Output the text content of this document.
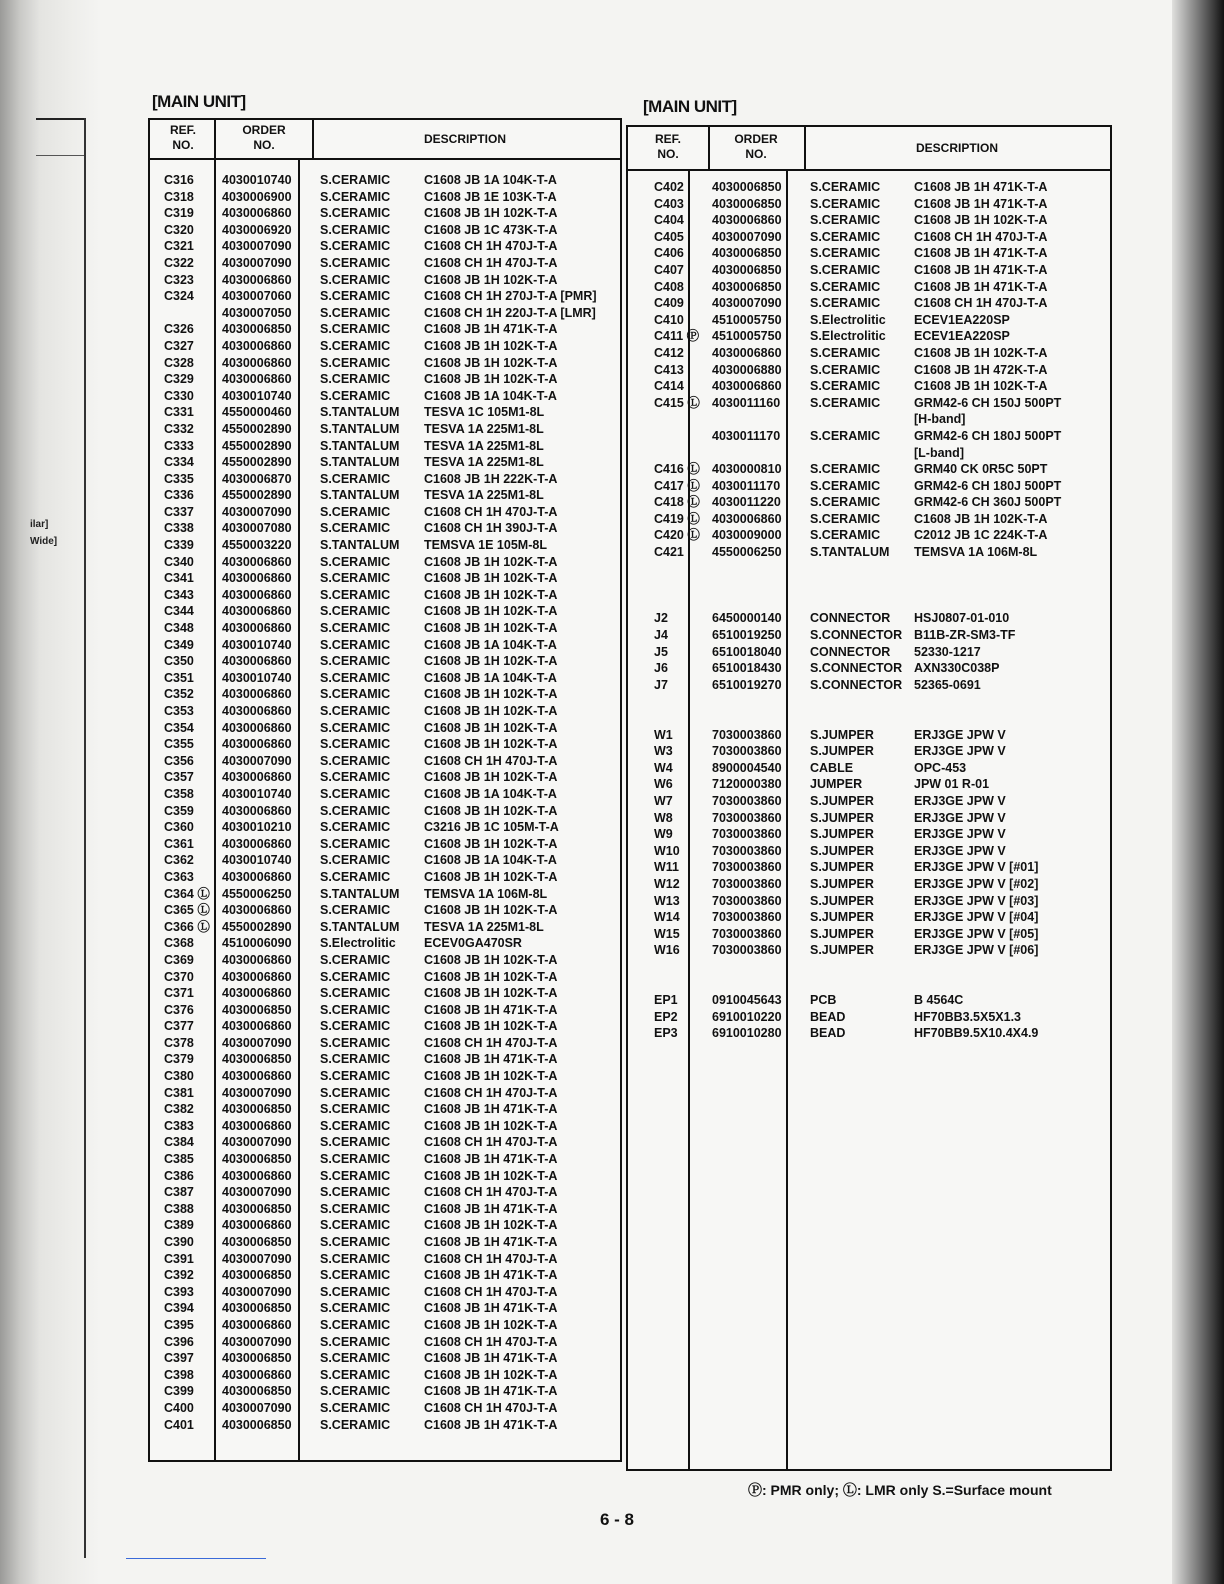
ilar]
Wide]
[MAIN UNIT]	[MAIN UNIT]
REF.
NO.
ORDER
NO.	DESCRIPTION
C316 4030010740 S.CERAMIC	C1608 JB 1A 104K-T-A
C318 4030006900 S.CERAMIC	C1608 JB 1E 103K-T-A
C319 4030006860 S.CERAMIC	C1608 JB 1H 102K-T-A
C320 4030006920 S.CERAMIC	C1608 JB 1C 473K-T-A
C321 4030007090 S.CERAMIC	C1608 CH 1H 470J-T-A
C322 4030007090 S.CERAMIC	C1608 CH 1H 470J-T-A
C323 4030006860 S.CERAMIC	C1608 JB 1H 102K-T-A
C324 4030007060 S.CERAMIC	C1608 CH 1H 270J-T-A [PMR]
4030007050 S.CERAMIC	C1608 CH 1H 220J-T-A [LMR]
C326 4030006850 S.CERAMIC	C1608 JB 1H 471K-T-A
C327 4030006860 S.CERAMIC	C1608 JB 1H 102K-T-A
C328 4030006860 S.CERAMIC	C1608 JB 1H 102K-T-A
C329 4030006860 S.CERAMIC	C1608 JB 1H 102K-T-A
C330 4030010740 S.CERAMIC	C1608 JB 1A 104K-T-A
C331 4550000460 S.TANTALUM TESVA 1C 105M1-8L
C332 4550002890 S.TANTALUM TESVA 1A 225M1-8L
C333 4550002890 S.TANTALUM TESVA 1A 225M1-8L
C334 4550002890 S.TANTALUM TESVA 1A 225M1-8L
C335 4030006870 S.CERAMIC	C1608 JB 1H 222K-T-A
C336 4550002890 S.TANTALUM TESVA 1A 225M1-8L
C337 4030007090 S.CERAMIC	C1608 CH 1H 470J-T-A
C338 4030007080 S.CERAMIC	C1608 CH 1H 390J-T-A
C339 4550003220 S.TANTALUM TEMSVA 1E 105M-8L
C340 4030006860 S.CERAMIC	C1608 JB 1H 102K-T-A
C341 4030006860 S.CERAMIC	C1608 JB 1H 102K-T-A
C343 4030006860 S.CERAMIC	C1608 JB 1H 102K-T-A
C344 4030006860 S.CERAMIC	C1608 JB 1H 102K-T-A
C348 4030006860 S.CERAMIC	C1608 JB 1H 102K-T-A
C349 4030010740 S.CERAMIC	C1608 JB 1A 104K-T-A
C350 4030006860 S.CERAMIC	C1608 JB 1H 102K-T-A
C351 4030010740 S.CERAMIC	C1608 JB 1A 104K-T-A
C352 4030006860 S.CERAMIC	C1608 JB 1H 102K-T-A
C353 4030006860 S.CERAMIC	C1608 JB 1H 102K-T-A
C354 4030006860 S.CERAMIC	C1608 JB 1H 102K-T-A
C355 4030006860 S.CERAMIC	C1608 JB 1H 102K-T-A
C356 4030007090 S.CERAMIC	C1608 CH 1H 470J-T-A
C357 4030006860 S.CERAMIC	C1608 JB 1H 102K-T-A
C358 4030010740 S.CERAMIC	C1608 JB 1A 104K-T-A
C359 4030006860 S.CERAMIC	C1608 JB 1H 102K-T-A
C360 4030010210 S.CERAMIC	C3216 JB 1C 105M-T-A
C361 4030006860 S.CERAMIC	C1608 JB 1H 102K-T-A
C362 4030010740 S.CERAMIC	C1608 JB 1A 104K-T-A
C363 4030006860 S.CERAMIC	C1608 JB 1H 102K-T-A
C364 Ⓛ 4550006250 S.TANTALUM TEMSVA 1A 106M-8L
C365 Ⓛ 4030006860 S.CERAMIC	C1608 JB 1H 102K-T-A
C366 Ⓛ 4550002890 S.TANTALUM TESVA 1A 225M1-8L
C368 4510006090 S.Electrolitic ECEV0GA470SR
C369 4030006860 S.CERAMIC	C1608 JB 1H 102K-T-A
C370 4030006860 S.CERAMIC	C1608 JB 1H 102K-T-A
C371 4030006860 S.CERAMIC	C1608 JB 1H 102K-T-A
C376 4030006850 S.CERAMIC	C1608 JB 1H 471K-T-A
C377 4030006860 S.CERAMIC	C1608 JB 1H 102K-T-A
C378 4030007090 S.CERAMIC	C1608 CH 1H 470J-T-A
C379 4030006850 S.CERAMIC	C1608 JB 1H 471K-T-A
C380 4030006860 S.CERAMIC	C1608 JB 1H 102K-T-A
C381 4030007090 S.CERAMIC	C1608 CH 1H 470J-T-A
C382 4030006850 S.CERAMIC	C1608 JB 1H 471K-T-A
C383 4030006860 S.CERAMIC	C1608 JB 1H 102K-T-A
C384 4030007090 S.CERAMIC	C1608 CH 1H 470J-T-A
C385 4030006850 S.CERAMIC	C1608 JB 1H 471K-T-A
C386 4030006860 S.CERAMIC	C1608 JB 1H 102K-T-A
C387 4030007090 S.CERAMIC	C1608 CH 1H 470J-T-A
C388 4030006850 S.CERAMIC	C1608 JB 1H 471K-T-A
C389 4030006860 S.CERAMIC	C1608 JB 1H 102K-T-A
C390 4030006850 S.CERAMIC	C1608 JB 1H 471K-T-A
C391 4030007090 S.CERAMIC	C1608 CH 1H 470J-T-A
C392 4030006850 S.CERAMIC	C1608 JB 1H 471K-T-A
C393 4030007090 S.CERAMIC	C1608 CH 1H 470J-T-A
C394 4030006850 S.CERAMIC	C1608 JB 1H 471K-T-A
C395 4030006860 S.CERAMIC	C1608 JB 1H 102K-T-A
C396 4030007090 S.CERAMIC	C1608 CH 1H 470J-T-A
C397 4030006850 S.CERAMIC	C1608 JB 1H 471K-T-A
C398 4030006860 S.CERAMIC	C1608 JB 1H 102K-T-A
C399 4030006850 S.CERAMIC	C1608 JB 1H 471K-T-A
C400 4030007090 S.CERAMIC	C1608 CH 1H 470J-T-A
C401 4030006850 S.CERAMIC	C1608 JB 1H 471K-T-A
REF.
NO.
ORDER
NO.	DESCRIPTION
C402 4030006850 S.CERAMIC	C1608 JB 1H 471K-T-A
C403 4030006850 S.CERAMIC	C1608 JB 1H 471K-T-A
C404 4030006860 S.CERAMIC	C1608 JB 1H 102K-T-A
C405 4030007090 S.CERAMIC	C1608 CH 1H 470J-T-A
C406 4030006850 S.CERAMIC	C1608 JB 1H 471K-T-A
C407 4030006850 S.CERAMIC	C1608 JB 1H 471K-T-A
C408 4030006850 S.CERAMIC	C1608 JB 1H 471K-T-A
C409 4030007090 S.CERAMIC	C1608 CH 1H 470J-T-A
C410 4510005750 S.Electrolitic ECEV1EA220SP
C411 Ⓟ 4510005750 S.Electrolitic ECEV1EA220SP
C412 4030006860 S.CERAMIC	C1608 JB 1H 102K-T-A
C413 4030006880 S.CERAMIC	C1608 JB 1H 472K-T-A
C414 4030006860 S.CERAMIC	C1608 JB 1H 102K-T-A
C415 Ⓛ 4030011160 S.CERAMIC	GRM42-6 CH 150J 500PT
[H-band]
4030011170 S.CERAMIC	GRM42-6 CH 180J 500PT
[L-band]
C416 Ⓛ 4030000810 S.CERAMIC	GRM40 CK 0R5C 50PT
C417 Ⓛ 4030011170 S.CERAMIC	GRM42-6 CH 180J 500PT
C418 Ⓛ 4030011220 S.CERAMIC	GRM42-6 CH 360J 500PT
C419 Ⓛ 4030006860 S.CERAMIC	C1608 JB 1H 102K-T-A
C420 Ⓛ 4030009000 S.CERAMIC	C2012 JB 1C 224K-T-A
C421 4550006250 S.TANTALUM TEMSVA 1A 106M-8L
J2	6450000140 CONNECTOR HSJ0807-01-010
J4	6510019250 S.CONNECTOR B11B-ZR-SM3-TF
J5	6510018040 CONNECTOR 52330-1217
J6	6510018430 S.CONNECTOR AXN330C038P
J7	6510019270 S.CONNECTOR 52365-0691
W1	7030003860 S.JUMPER	ERJ3GE JPW V
W3	7030003860 S.JUMPER	ERJ3GE JPW V
W4	8900004540 CABLE	OPC-453
W6	7120000380 JUMPER	JPW 01 R-01
W7	7030003860 S.JUMPER	ERJ3GE JPW V
W8	7030003860 S.JUMPER	ERJ3GE JPW V
W9	7030003860 S.JUMPER	ERJ3GE JPW V
W10	7030003860 S.JUMPER	ERJ3GE JPW V
W11	7030003860 S.JUMPER	ERJ3GE JPW V [#01]
W12	7030003860 S.JUMPER	ERJ3GE JPW V [#02]
W13	7030003860 S.JUMPER	ERJ3GE JPW V [#03]
W14	7030003860 S.JUMPER	ERJ3GE JPW V [#04]
W15	7030003860 S.JUMPER	ERJ3GE JPW V [#05]
W16	7030003860 S.JUMPER	ERJ3GE JPW V [#06]
EP1	0910045643 PCB	B 4564C
EP2	6910010220 BEAD	HF70BB3.5X5X1.3
EP3	6910010280 BEAD	HF70BB9.5X10.4X4.9
Ⓟ: PMR only; Ⓛ: LMR only S.=Surface mount
6 - 8
